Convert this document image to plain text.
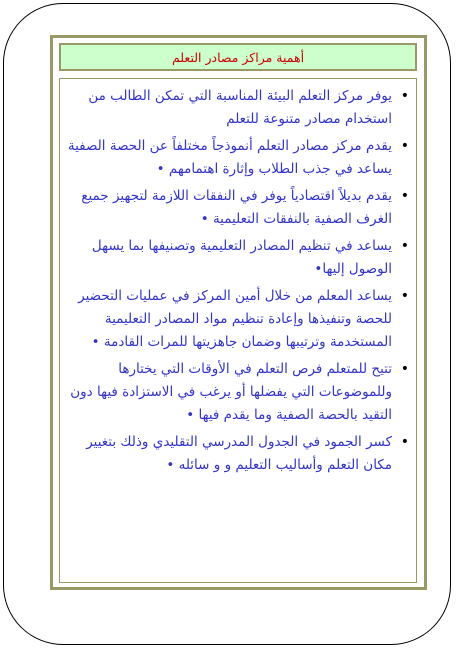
أهمية مراكز مصادر التعلم
•
يوفر مركز التعلم البيئة المناسبة التي تمكن الطالب من استخدام مصادر متنوعة للتعلم
•
يقدم مركز مصادر التعلم أنموذجاً مختلفاً عن الحصة الصفية يساعد في جذب الطلاب وإثارة اهتمامهم •
•
يقدم بديلاً اقتصادياً يوفر في النفقات اللازمة لتجهيز جميع الغرف الصفية بالنفقات التعليمية •
•
يساعد في تنظيم المصادر التعليمية وتصنيفها بما يسهل الوصول إليها•
•
يساعد المعلم من خلال أمين المركز في عمليات التحضير للحصة وتنفيذها وإعادة تنظيم مواد المصادر التعليمية المستخدمة وترتيبها وضمان جاهزيتها للمرات القادمة •
•
تتيح للمتعلم فرص التعلم في الأوقات التي يختارها وللموضوعات التي يفضلها أو يرغب في الاستزادة فيها دون التقيد بالحصة الصفية وما يقدم فيها •
•
كسر الجمود في الجدول المدرسي التقليدي وذلك بتغيير مكان التعلم وأساليب التعليم و و سائله •
